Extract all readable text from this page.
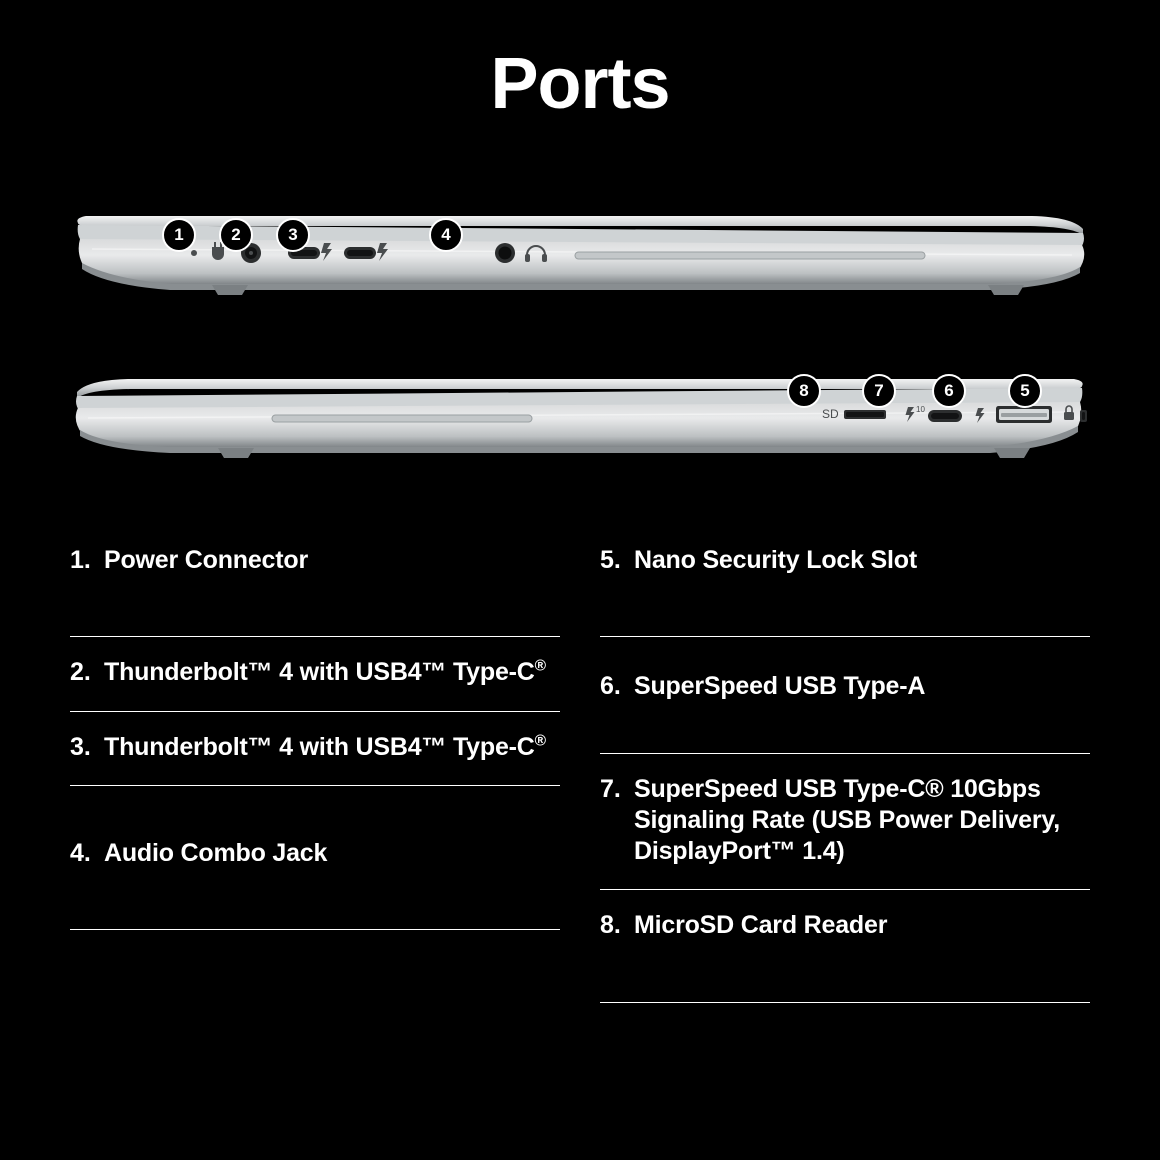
Ports
1	2	3	4
SD	10
8	7	6	5
1. Power Connector
2. Thunderbolt™ 4 with USB4™ Type-C®
3. Thunderbolt™ 4 with USB4™ Type-C®
4. Audio Combo Jack
5. Nano Security Lock Slot
6. SuperSpeed USB Type-A
7. SuperSpeed USB Type-C® 10Gbps Signaling Rate (USB Power Delivery, DisplayPort™ 1.4)
8. MicroSD Card Reader
